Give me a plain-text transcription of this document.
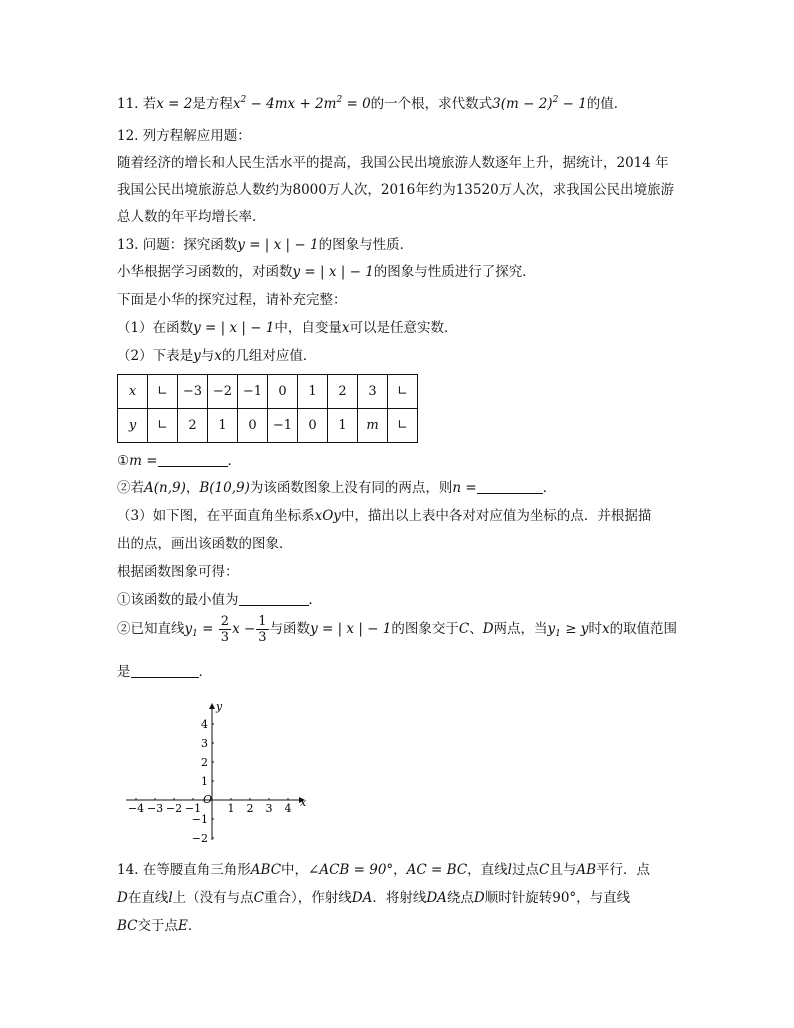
11. 若x = 2是方程$x^2 - 4mx + 2m^2 = 0$的一个根，求代数式$3(m - 2)^2 - 1$的值．
12. 列方程解应用题：
随着经济的增长和人民生活水平的提高，我国公民出境旅游人数逐年上升，据统计，2014 年
我国公民出境旅游总人数约为8000万人次，2016年约为13520万人次，求我国公民出境旅游
总人数的年平均增长率．
13. 问题：探究函数y = | x | − 1的图象与性质．
小华根据学习函数的，对函数y = | x | − 1的图象与性质进行了探究．
下面是小华的探究过程，请补充完整：
（1）在函数y = | x | − 1中，自变量x可以是任意实数．
（2）下表是y与x的几组对应值．
x	∟	−3	−2	−1	0	1	2	3	∟
y	∟	2	1	0	−1	0	1	m	∟
①m =	．
②若A(n,9)，B(10,9)为该函数图象上没有同的两点，则n =	．
（3）如下图，在平面直角坐标系xOy中，描出以上表中各对对应值为坐标的点．并根据描
出的点，画出该函数的图象．
根据函数图象可得：
①该函数的最小值为	．
②已知直线$y_1 = \frac{2}{3}$ $x - \frac{1}{3}$ 与函数y = | x | − 1的图象交于C、D两点，当$y_1 \ge y$时x的取值范围
是	．
−4 −3 −2 −1 1 2 3 4
4
3
2
1
−1
−2
x
y
O
14. 在等腰直角三角形ABC中，∠ACB = 90°，AC = BC，直线l过点C且与AB平行．点
D在直线l上（没有与点C重合），作射线DA．将射线DA绕点D顺时针旋转90°，与直线
BC交于点E．
